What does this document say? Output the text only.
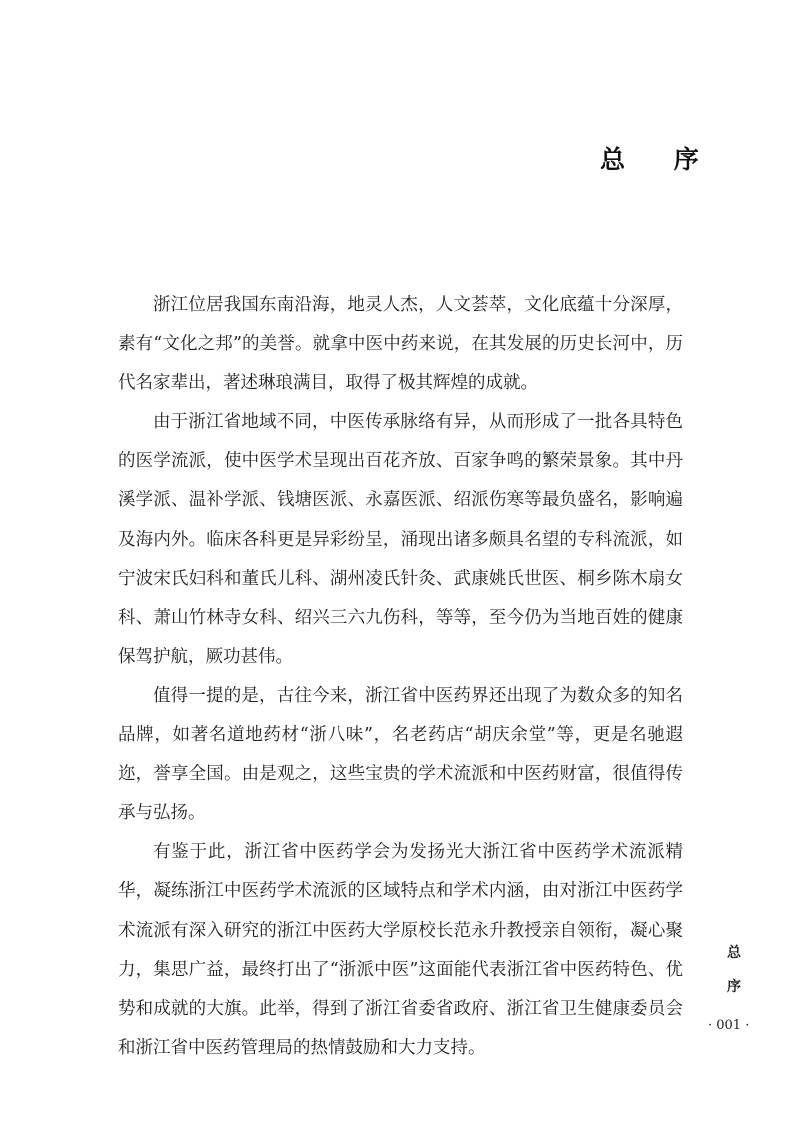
总 序

浙江位居我国东南沿海，地灵人杰，人文荟萃，文化底蕴十分深厚，素有“文化之邦”的美誉。就拿中医中药来说，在其发展的历史长河中，历代名家辈出，著述琳琅满目，取得了极其辉煌的成就。

由于浙江省地域不同，中医传承脉络有异，从而形成了一批各具特色的医学流派，使中医学术呈现出百花齐放、百家争鸣的繁荣景象。其中丹溪学派、温补学派、钱塘医派、永嘉医派、绍派伤寒等最负盛名，影响遍及海内外。临床各科更是异彩纷呈，涌现出诸多颇具名望的专科流派，如宁波宋氏妇科和董氏儿科、湖州凌氏针灸、武康姚氏世医、桐乡陈木扇女科、萧山竹林寺女科、绍兴三六九伤科，等等，至今仍为当地百姓的健康保驾护航，厥功甚伟。

值得一提的是，古往今来，浙江省中医药界还出现了为数众多的知名品牌，如著名道地药材“浙八味”，名老药店“胡庆余堂”等，更是名驰遐迩，誉享全国。由是观之，这些宝贵的学术流派和中医药财富，很值得传承与弘扬。

有鉴于此，浙江省中医药学会为发扬光大浙江省中医药学术流派精华，凝练浙江中医药学术流派的区域特点和学术内涵，由对浙江中医药学术流派有深入研究的浙江中医药大学原校长范永升教授亲自领衔，凝心聚力，集思广益，最终打出了“浙派中医”这面能代表浙江省中医药特色、优势和成就的大旗。此举，得到了浙江省委省政府、浙江省卫生健康委员会和浙江省中医药管理局的热情鼓励和大力支持。

总
序
· 001 ·
